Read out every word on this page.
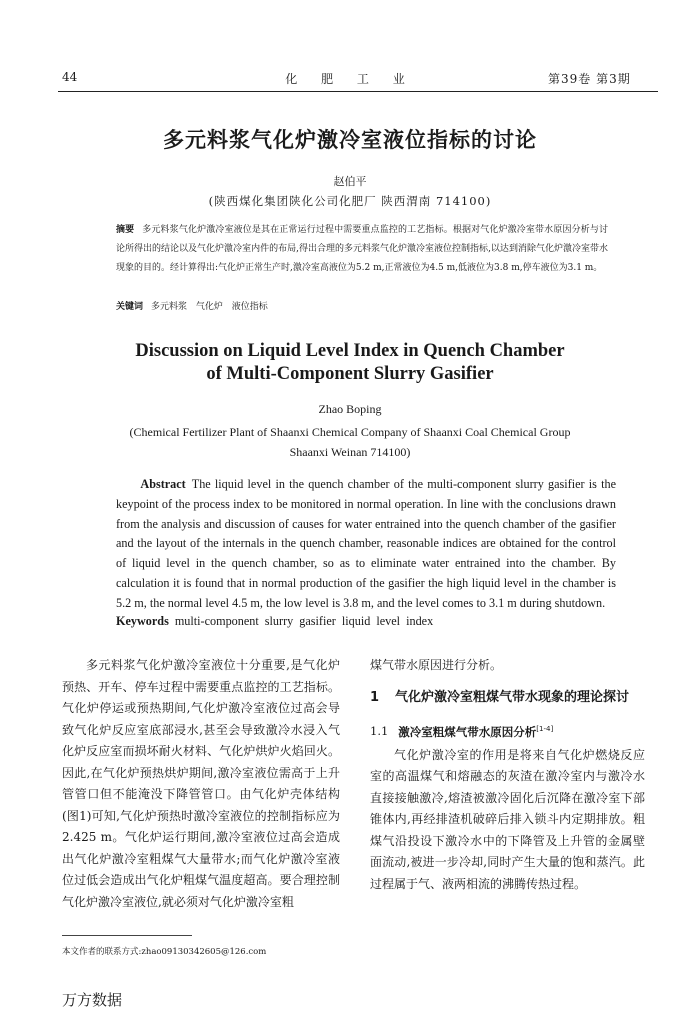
44	化 肥 工 业	第39卷 第3期
多元料浆气化炉激冷室液位指标的讨论
赵伯平
(陕西煤化集团陕化公司化肥厂 陕西渭南 714100)
摘要 多元料浆气化炉激冷室液位是其在正常运行过程中需要重点监控的工艺指标。根据对气化炉激冷室带水原因分析与讨论所得出的结论以及气化炉激冷室内件的布局,得出合理的多元料浆气化炉激冷室液位控制指标,以达到消除气化炉激冷室带水现象的目的。经计算得出:气化炉正常生产时,激冷室高液位为5.2 m,正常液位为4.5 m,低液位为3.8 m,停车液位为3.1 m。
关键词 多元料浆 气化炉 液位指标
Discussion on Liquid Level Index in Quench Chamber
of Multi-Component Slurry Gasifier
Zhao Boping
(Chemical Fertilizer Plant of Shaanxi Chemical Company of Shaanxi Coal Chemical Group Shaanxi Weinan 714100)
Abstract The liquid level in the quench chamber of the multi-component slurry gasifier is the keypoint of the process index to be monitored in normal operation. In line with the conclusions drawn from the analysis and discussion of causes for water entrained into the quench chamber of the gasifier and the layout of the internals in the quench chamber, reasonable indices are obtained for the control of liquid level in the quench chamber, so as to eliminate water entrained into the chamber. By calculation it is found that in normal production of the gasifier the high liquid level in the chamber is 5.2 m, the normal level 4.5 m, the low level is 3.8 m, and the level comes to 3.1 m during shutdown.
Keywords multi-component slurry gasifier liquid level index

多元料浆气化炉激冷室液位十分重要,是气化炉预热、开车、停车过程中需要重点监控的工艺指标。气化炉停运或预热期间,气化炉激冷室液位过高会导致气化炉反应室底部浸水,甚至会导致激冷水浸入气化炉反应室而损坏耐火材料、气化炉烘炉火焰回火。因此,在气化炉预热烘炉期间,激冷室液位需高于上升管管口但不能淹没下降管管口。由气化炉壳体结构(图1)可知,气化炉预热时激冷室液位的控制指标应为2.425 m。气化炉运行期间,激冷室液位过高会造成出气化炉激冷室粗煤气大量带水;而气化炉激冷室液位过低会造成出气化炉粗煤气温度超高。要合理控制气化炉激冷室液位,就必须对气化炉激冷室粗

煤气带水原因进行分析。

1 气化炉激冷室粗煤气带水现象的理论探讨
1.1 激冷室粗煤气带水原因分析[1-4]

气化炉激冷室的作用是将来自气化炉燃烧反应室的高温煤气和熔融态的灰渣在激冷室内与激冷水直接接触激冷,熔渣被激冷固化后沉降在激冷室下部锥体内,再经排渣机破碎后排入锁斗内定期排放。粗煤气沿投设下激冷水中的下降管及上升管的金属壁面流动,被进一步冷却,同时产生大量的饱和蒸汽。此过程属于气、液两相流的沸腾传热过程。

本文作者的联系方式:zhao09130342605@126.com
万方数据
